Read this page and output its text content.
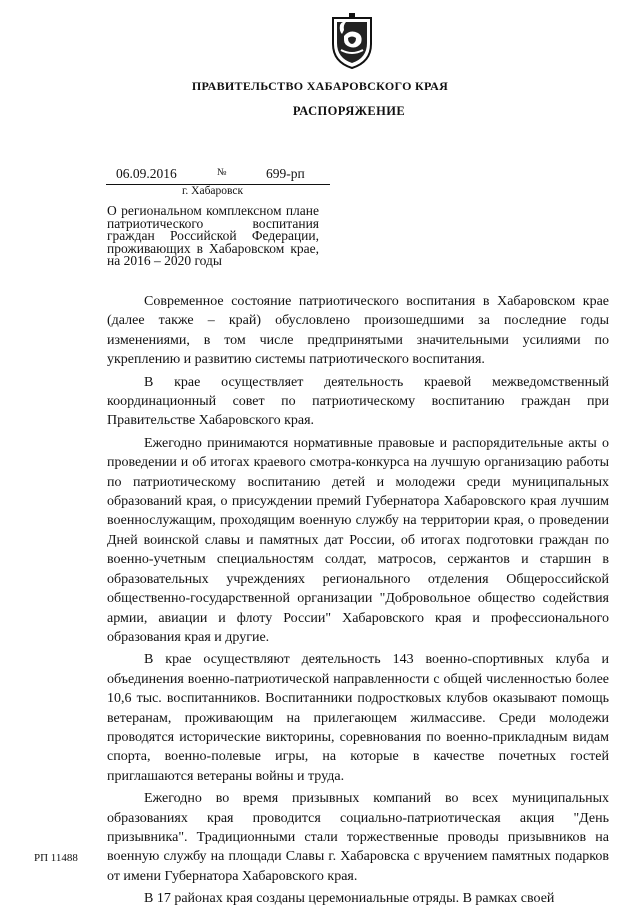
ПРАВИТЕЛЬСТВО ХАБАРОВСКОГО КРАЯ
РАСПОРЯЖЕНИЕ
06.09.2016	№	699-рп
г. Хабаровск
О региональном комплексном плане патриотического воспитания граждан Российской Федерации, проживающих в Хабаровском крае, на 2016 – 2020 годы

Современное состояние патриотического воспитания в Хабаровском крае (далее также – край) обусловлено произошедшими за последние годы изменениями, в том числе предпринятыми значительными усилиями по укреплению и развитию системы патриотического воспитания.

В крае осуществляет деятельность краевой межведомственный координационный совет по патриотическому воспитанию граждан при Правительстве Хабаровского края.

Ежегодно принимаются нормативные правовые и распорядительные акты о проведении и об итогах краевого смотра-конкурса на лучшую организацию работы по патриотическому воспитанию детей и молодежи среди муниципальных образований края, о присуждении премий Губернатора Хабаровского края лучшим военнослужащим, проходящим военную службу на территории края, о проведении Дней воинской славы и памятных дат России, об итогах подготовки граждан по военно-учетным специальностям солдат, матросов, сержантов и старшин в образовательных учреждениях регионального отделения Общероссийской общественно-государственной организации "Добровольное общество содействия армии, авиации и флоту России" Хабаровского края и профессионального образования края и другие.

В крае осуществляют деятельность 143 военно-спортивных клуба и объединения военно-патриотической направленности с общей численностью более 10,6 тыс. воспитанников. Воспитанники подростковых клубов оказывают помощь ветеранам, проживающим на прилегающем жилмассиве. Среди молодежи проводятся исторические викторины, соревнования по военно-прикладным видам спорта, военно-полевые игры, на которые в качестве почетных гостей приглашаются ветераны войны и труда.

Ежегодно во время призывных компаний во всех муниципальных образованиях края проводится социально-патриотическая акция "День призывника". Традиционными стали торжественные проводы призывников на военную службу на площади Славы г. Хабаровска с вручением памятных подарков от имени Губернатора Хабаровского края.

В 17 районах края созданы церемониальные отряды. В рамках своей

РП 11488
